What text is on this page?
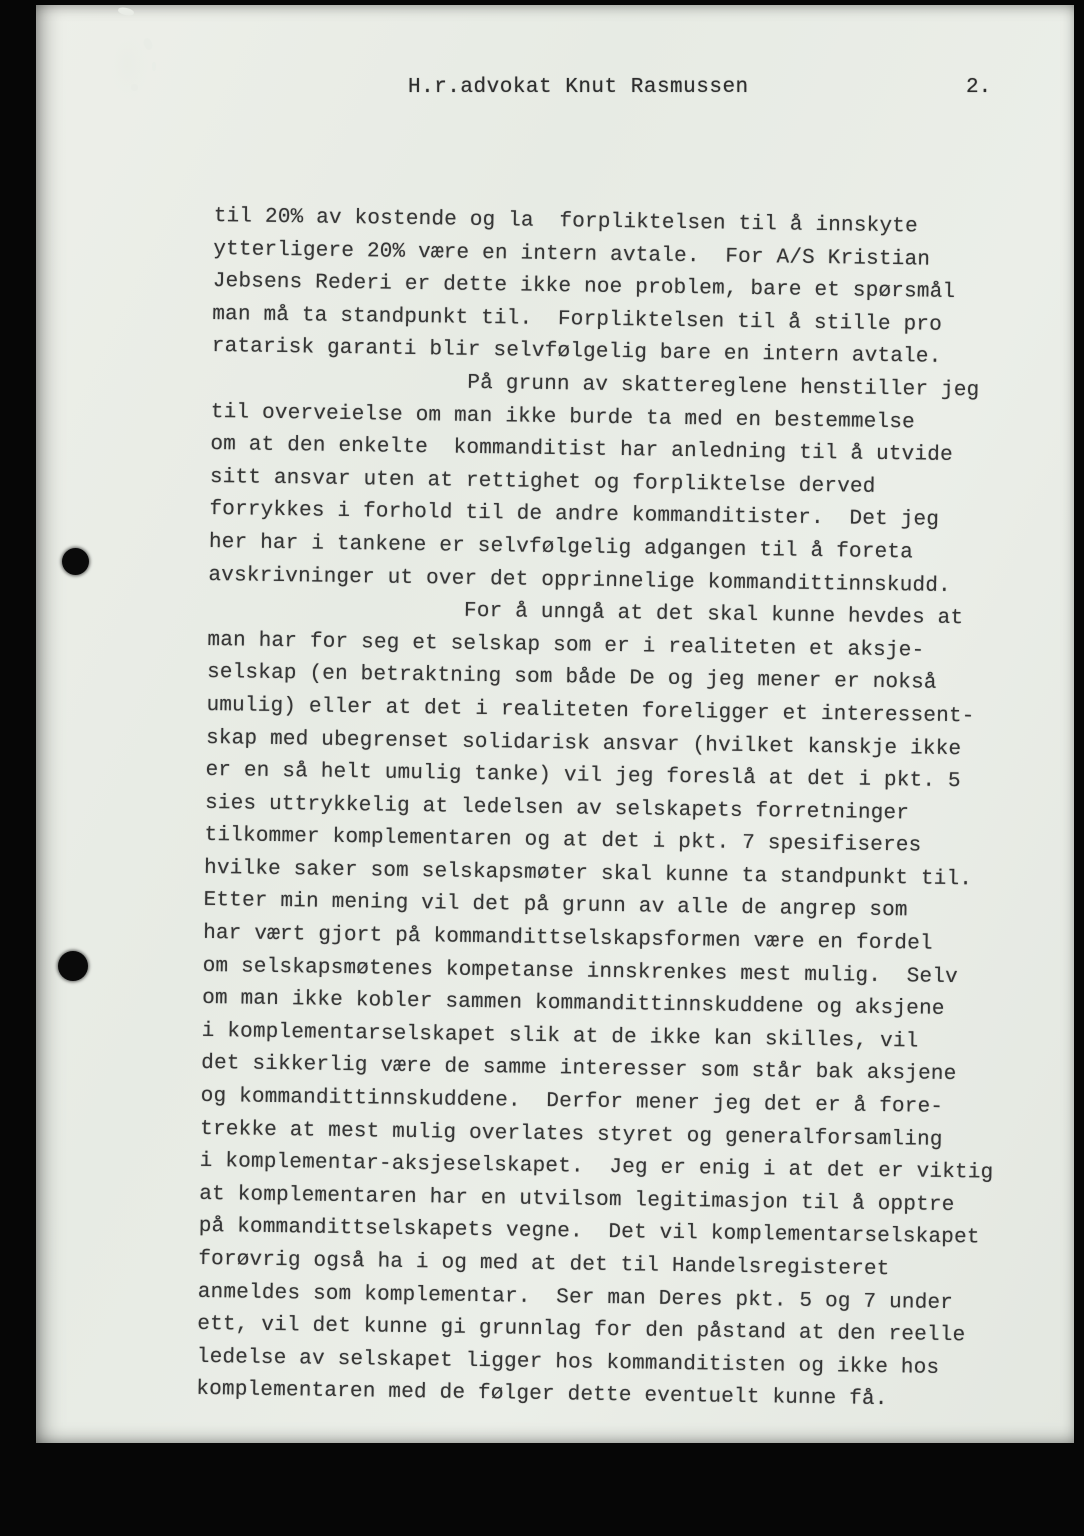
H.r.advokat Knut Rasmussen	2.
til 20% av kostende og la  forpliktelsen til å innskyte
ytterligere 20% være en intern avtale.  For A/S Kristian
Jebsens Rederi er dette ikke noe problem, bare et spørsmål
man må ta standpunkt til.  Forpliktelsen til å stille pro
ratarisk garanti blir selvfølgelig bare en intern avtale.
På grunn av skattereglene henstiller jeg
til overveielse om man ikke burde ta med en bestemmelse
om at den enkelte  kommanditist har anledning til å utvide
sitt ansvar uten at rettighet og forpliktelse derved
forrykkes i forhold til de andre kommanditister.  Det jeg
her har i tankene er selvfølgelig adgangen til å foreta
avskrivninger ut over det opprinnelige kommandittinnskudd.
For å unngå at det skal kunne hevdes at
man har for seg et selskap som er i realiteten et aksje-
selskap (en betraktning som både De og jeg mener er nokså
umulig) eller at det i realiteten foreligger et interessent-
skap med ubegrenset solidarisk ansvar (hvilket kanskje ikke
er en så helt umulig tanke) vil jeg foreslå at det i pkt. 5
sies uttrykkelig at ledelsen av selskapets forretninger
tilkommer komplementaren og at det i pkt. 7 spesifiseres
hvilke saker som selskapsmøter skal kunne ta standpunkt til.
Etter min mening vil det på grunn av alle de angrep som
har vært gjort på kommandittselskapsformen være en fordel
om selskapsmøtenes kompetanse innskrenkes mest mulig.  Selv
om man ikke kobler sammen kommandittinnskuddene og aksjene
i komplementarselskapet slik at de ikke kan skilles, vil
det sikkerlig være de samme interesser som står bak aksjene
og kommandittinnskuddene.  Derfor mener jeg det er å fore-
trekke at mest mulig overlates styret og generalforsamling
i komplementar-aksjeselskapet.  Jeg er enig i at det er viktig
at komplementaren har en utvilsom legitimasjon til å opptre
på kommandittselskapets vegne.  Det vil komplementarselskapet
forøvrig også ha i og med at det til Handelsregisteret
anmeldes som komplementar.  Ser man Deres pkt. 5 og 7 under
ett, vil det kunne gi grunnlag for den påstand at den reelle
ledelse av selskapet ligger hos kommanditisten og ikke hos
komplementaren med de følger dette eventuelt kunne få.
